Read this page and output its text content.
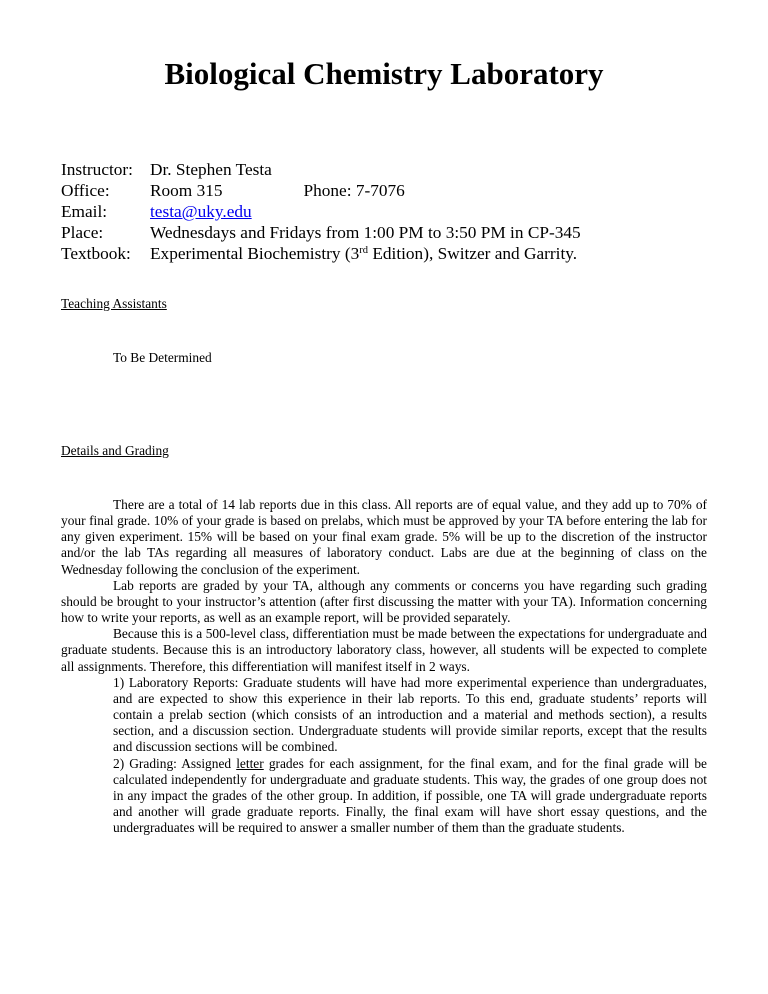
Biological Chemistry Laboratory
Instructor: Dr. Stephen Testa
Office:	Room 315	Phone: 7-7076
Email:	testa@uky.edu
Place:	Wednesdays and Fridays from 1:00 PM to 3:50 PM in CP-345
Textbook:	Experimental Biochemistry (3rd Edition), Switzer and Garrity.
Teaching Assistants
To Be Determined
Details and Grading

There are a total of 14 lab reports due in this class. All reports are of equal value, and they add up to 70% of your final grade. 10% of your grade is based on prelabs, which must be approved by your TA before entering the lab for any given experiment. 15% will be based on your final exam grade. 5% will be up to the discretion of the instructor and/or the lab TAs regarding all measures of laboratory conduct. Labs are due at the beginning of class on the Wednesday following the conclusion of the experiment.

Lab reports are graded by your TA, although any comments or concerns you have regarding such grading should be brought to your instructor’s attention (after first discussing the matter with your TA). Information concerning how to write your reports, as well as an example report, will be provided separately.

Because this is a 500-level class, differentiation must be made between the expectations for undergraduate and graduate students. Because this is an introductory laboratory class, however, all students will be expected to complete all assignments. Therefore, this differentiation will manifest itself in 2 ways.

1) Laboratory Reports: Graduate students will have had more experimental experience than undergraduates, and are expected to show this experience in their lab reports. To this end, graduate students’ reports will contain a prelab section (which consists of an introduction and a material and methods section), a results section, and a discussion section. Undergraduate students will provide similar reports, except that the results and discussion sections will be combined.
2) Grading: Assigned letter grades for each assignment, for the final exam, and for the final grade will be calculated independently for undergraduate and graduate students. This way, the grades of one group does not in any impact the grades of the other group. In addition, if possible, one TA will grade undergraduate reports and another will grade graduate reports. Finally, the final exam will have short essay questions, and the undergraduates will be required to answer a smaller number of them than the graduate students.
